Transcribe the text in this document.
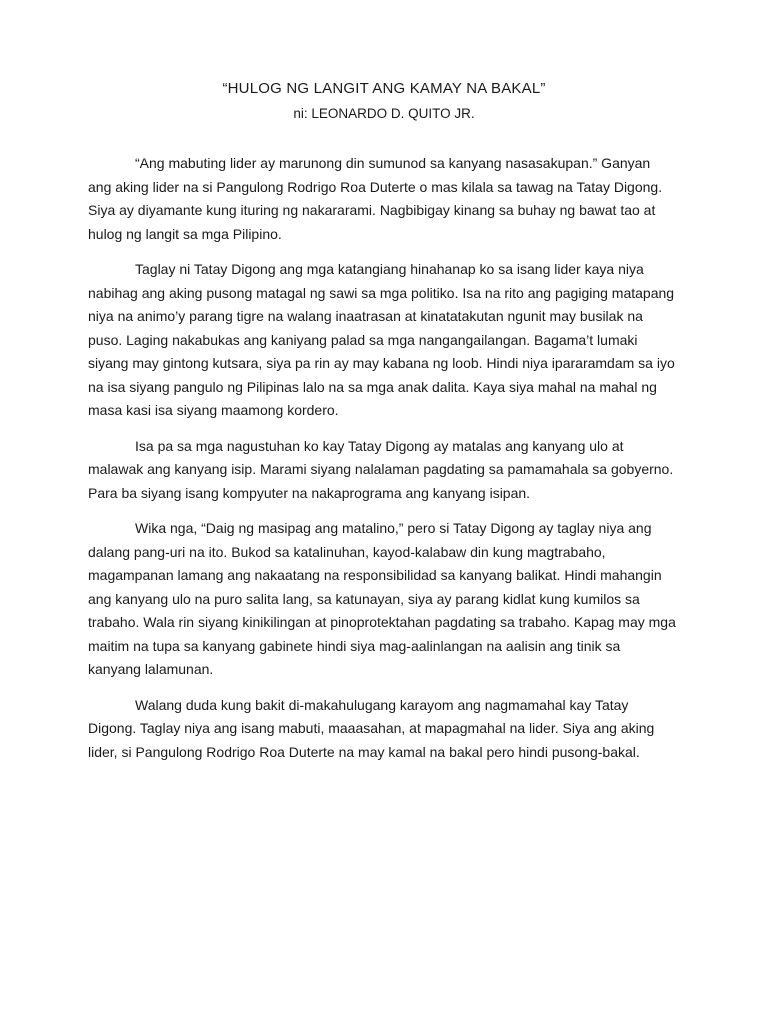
“HULOG NG LANGIT ANG KAMAY NA BAKAL”
ni: LEONARDO D. QUITO JR.

“Ang mabuting lider ay marunong din sumunod sa kanyang nasasakupan.” Ganyan ang aking lider na si Pangulong Rodrigo Roa Duterte o mas kilala sa tawag na Tatay Digong. Siya ay diyamante kung ituring ng nakararami. Nagbibigay kinang sa buhay ng bawat tao at hulog ng langit sa mga Pilipino.

Taglay ni Tatay Digong ang mga katangiang hinahanap ko sa isang lider kaya niya nabihag ang aking pusong matagal ng sawi sa mga politiko. Isa na rito ang pagiging matapang niya na animo’y parang tigre na walang inaatrasan at kinatatakutan ngunit may busilak na puso. Laging nakabukas ang kaniyang palad sa mga nangangailangan. Bagama’t lumaki siyang may gintong kutsara, siya pa rin ay may kabana ng loob. Hindi niya ipararamdam sa iyo na isa siyang pangulo ng Pilipinas lalo na sa mga anak dalita. Kaya siya mahal na mahal ng masa kasi isa siyang maamong kordero.

Isa pa sa mga nagustuhan ko kay Tatay Digong ay matalas ang kanyang ulo at malawak ang kanyang isip. Marami siyang nalalaman pagdating sa pamamahala sa gobyerno. Para ba siyang isang kompyuter na nakaprograma ang kanyang isipan.

Wika nga, “Daig ng masipag ang matalino,” pero si Tatay Digong ay taglay niya ang dalang pang-uri na ito. Bukod sa katalinuhan, kayod-kalabaw din kung magtrabaho, magampanan lamang ang nakaatang na responsibilidad sa kanyang balikat. Hindi mahangin ang kanyang ulo na puro salita lang, sa katunayan, siya ay parang kidlat kung kumilos sa trabaho. Wala rin siyang kinikilingan at pinoprotektahan pagdating sa trabaho. Kapag may mga maitim na tupa sa kanyang gabinete hindi siya mag-aalinlangan na aalisin ang tinik sa kanyang lalamunan.

Walang duda kung bakit di-makahulugang karayom ang nagmamahal kay Tatay Digong. Taglay niya ang isang mabuti, maaasahan, at mapagmahal na lider. Siya ang aking lider, si Pangulong Rodrigo Roa Duterte na may kamal na bakal pero hindi pusong-bakal.
